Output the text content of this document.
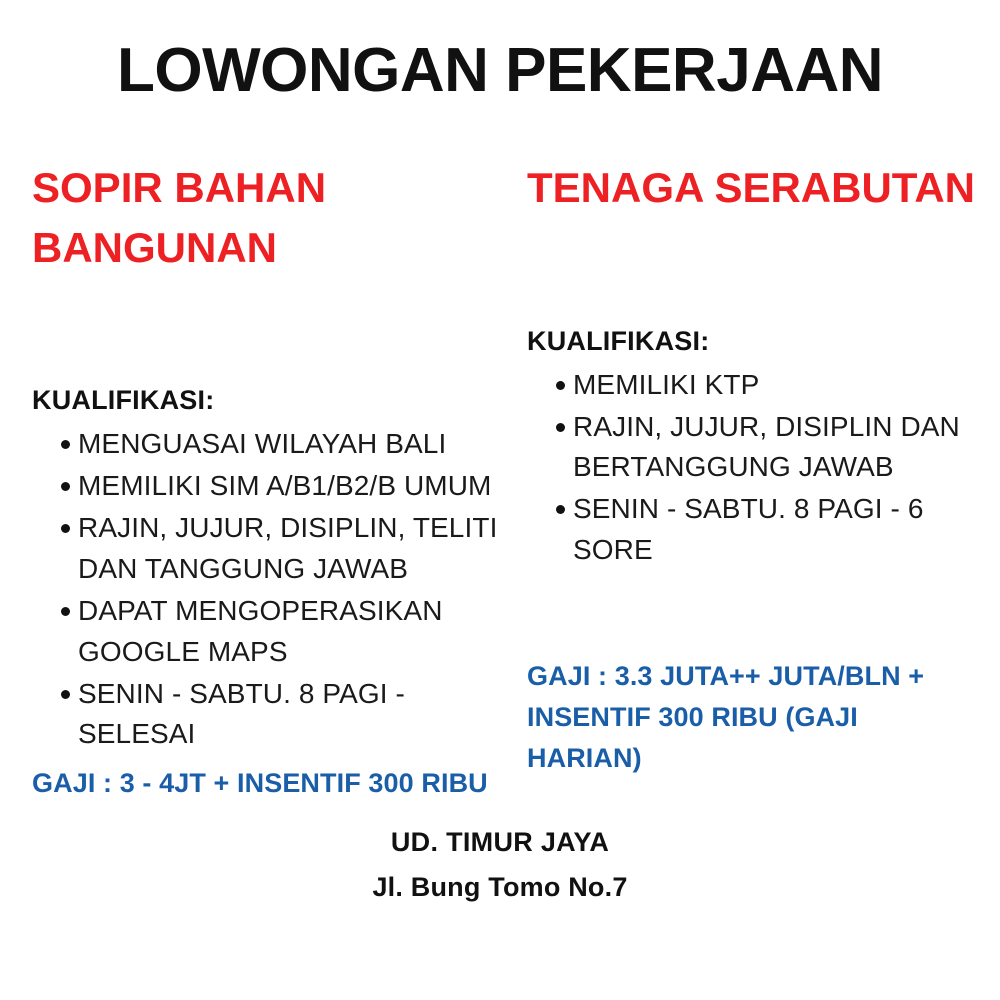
LOWONGAN PEKERJAAN
SOPIR BAHAN BANGUNAN
KUALIFIKASI:
MENGUASAI WILAYAH BALI
MEMILIKI SIM A/B1/B2/B UMUM
RAJIN, JUJUR, DISIPLIN, TELITI DAN TANGGUNG JAWAB
DAPAT MENGOPERASIKAN GOOGLE MAPS
SENIN - SABTU. 8 PAGI - SELESAI
GAJI : 3 - 4JT + INSENTIF 300 RIBU
TENAGA SERABUTAN
KUALIFIKASI:
MEMILIKI KTP
RAJIN, JUJUR, DISIPLIN DAN BERTANGGUNG JAWAB
SENIN - SABTU. 8 PAGI - 6 SORE
GAJI : 3.3 JUTA++ JUTA/BLN + INSENTIF 300 RIBU (GAJI HARIAN)
UD. TIMUR JAYA
Jl. Bung Tomo No.7
